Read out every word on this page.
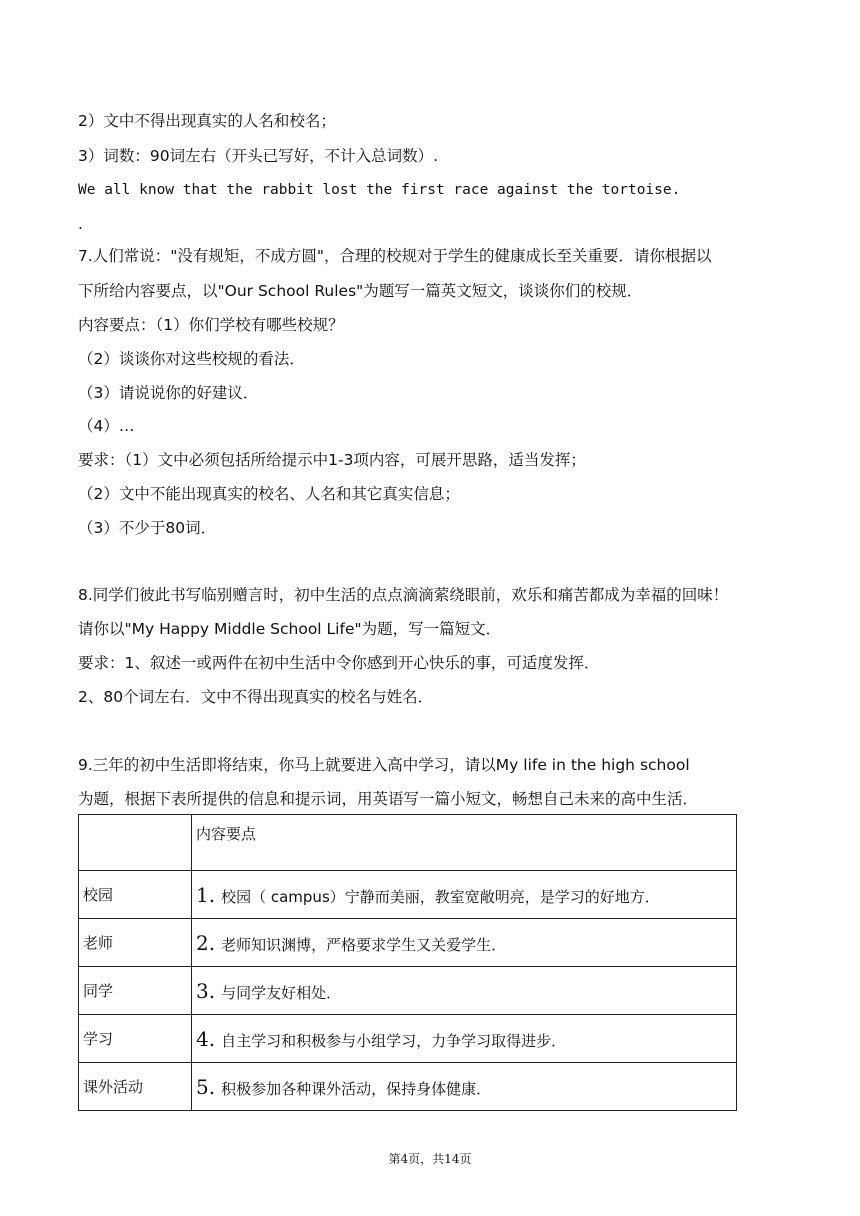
2）文中不得出现真实的人名和校名；
3）词数：90词左右（开头已写好，不计入总词数）.
We all know that the rabbit lost the first race against the tortoise.
.
7.人们常说："没有规矩，不成方圆"，合理的校规对于学生的健康成长至关重要．请你根据以
下所给内容要点，以"Our School Rules"为题写一篇英文短文，谈谈你们的校规．
内容要点：（1）你们学校有哪些校规？
（2）谈谈你对这些校规的看法．
（3）请说说你的好建议．
（4）…
要求：（1）文中必须包括所给提示中1-3项内容，可展开思路，适当发挥；
（2）文中不能出现真实的校名、人名和其它真实信息；
（3）不少于80词．
8.同学们彼此书写临别赠言时，初中生活的点点滴滴萦绕眼前，欢乐和痛苦都成为幸福的回味！
请你以"My Happy Middle School Life"为题，写一篇短文．
要求：1、叙述一或两件在初中生活中令你感到开心快乐的事，可适度发挥．
2、80个词左右．文中不得出现真实的校名与姓名．
9.三年的初中生活即将结束，你马上就要进入高中学习，请以My life in the high school
为题，根据下表所提供的信息和提示词，用英语写一篇小短文，畅想自己未来的高中生活．
	内容要点
校园	1. 校园（ campus）宁静而美丽，教室宽敞明亮，是学习的好地方．
老师	2. 老师知识渊博，严格要求学生又关爱学生．
同学	3. 与同学友好相处．
学习	4. 自主学习和积极参与小组学习，力争学习取得进步．
课外活动	5. 积极参加各种课外活动，保持身体健康．
第4页，共14页
